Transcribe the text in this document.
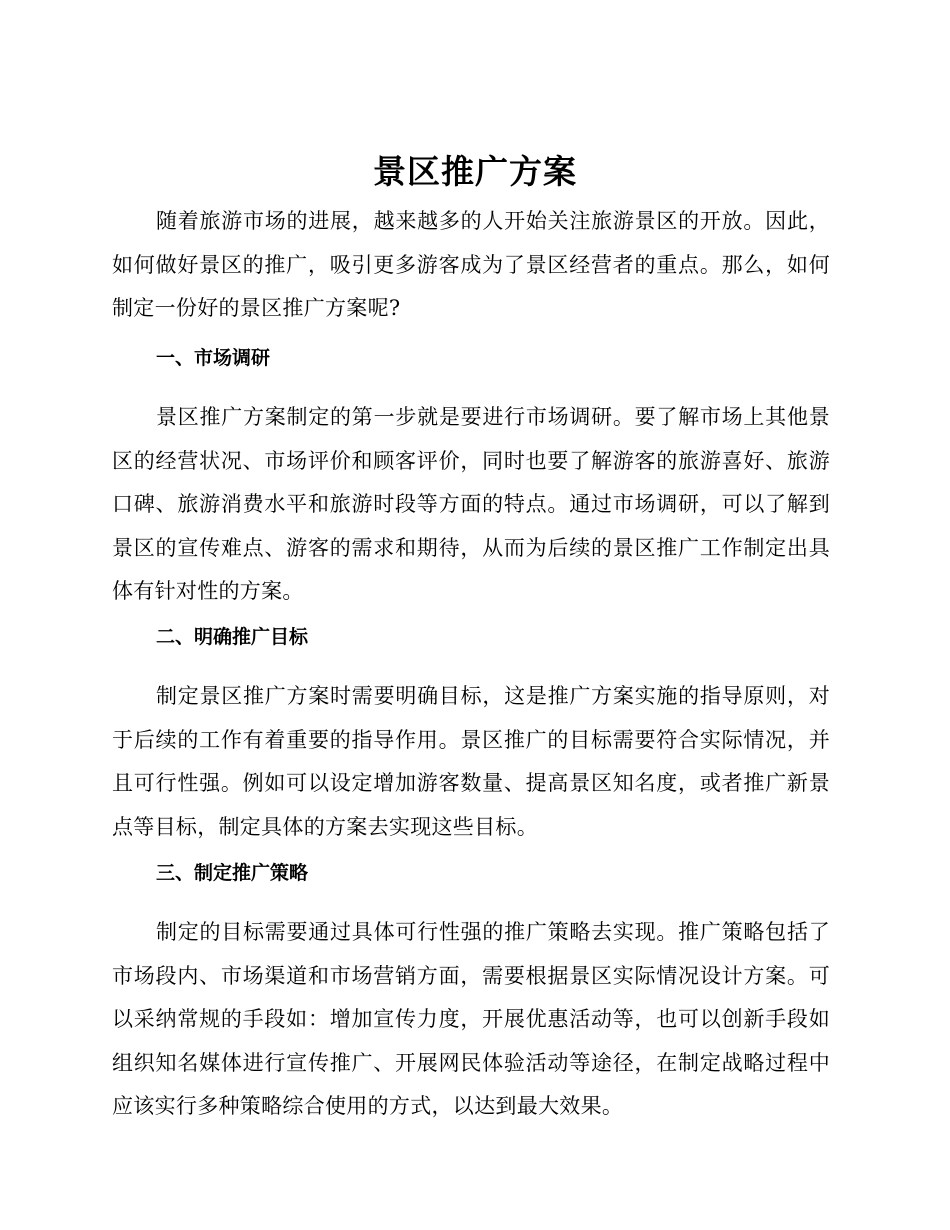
景区推广方案

随着旅游市场的进展，越来越多的人开始关注旅游景区的开放。因此，如何做好景区的推广，吸引更多游客成为了景区经营者的重点。那么，如何制定一份好的景区推广方案呢?

一、市场调研

景区推广方案制定的第一步就是要进行市场调研。要了解市场上其他景区的经营状况、市场评价和顾客评价，同时也要了解游客的旅游喜好、旅游口碑、旅游消费水平和旅游时段等方面的特点。通过市场调研，可以了解到景区的宣传难点、游客的需求和期待，从而为后续的景区推广工作制定出具体有针对性的方案。

二、明确推广目标

制定景区推广方案时需要明确目标，这是推广方案实施的指导原则，对于后续的工作有着重要的指导作用。景区推广的目标需要符合实际情况，并且可行性强。例如可以设定增加游客数量、提高景区知名度，或者推广新景点等目标，制定具体的方案去实现这些目标。

三、制定推广策略

制定的目标需要通过具体可行性强的推广策略去实现。推广策略包括了市场段内、市场渠道和市场营销方面，需要根据景区实际情况设计方案。可以采纳常规的手段如：增加宣传力度，开展优惠活动等，也可以创新手段如组织知名媒体进行宣传推广、开展网民体验活动等途径，在制定战略过程中应该实行多种策略综合使用的方式，以达到最大效果。
